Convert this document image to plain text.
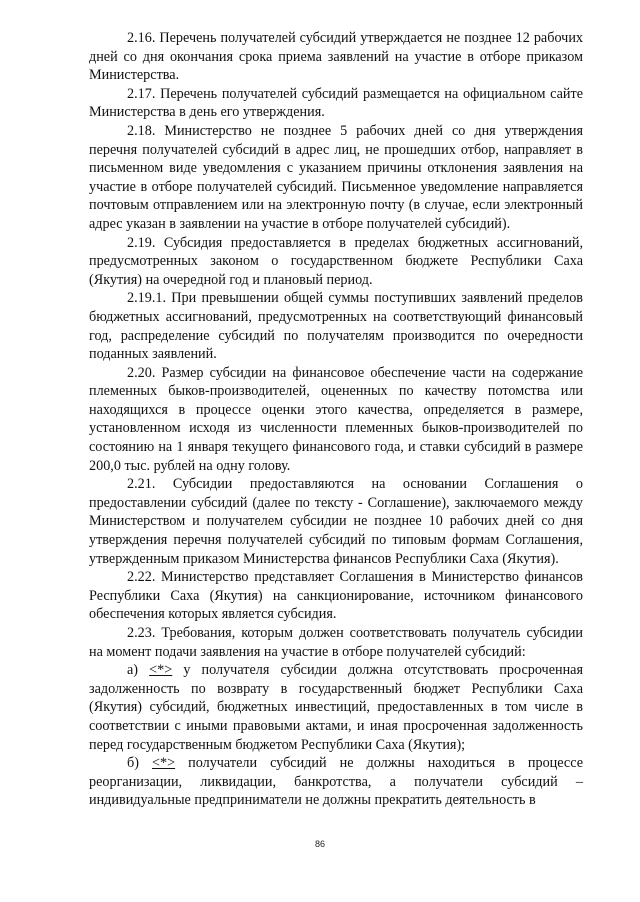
2.16. Перечень получателей субсидий утверждается не позднее 12 рабочих дней со дня окончания срока приема заявлений на участие в отборе приказом Министерства.

2.17. Перечень получателей субсидий размещается на официальном сайте Министерства в день его утверждения.

2.18. Министерство не позднее 5 рабочих дней со дня утверждения перечня получателей субсидий в адрес лиц, не прошедших отбор, направляет в письменном виде уведомления с указанием причины отклонения заявления на участие в отборе получателей субсидий. Письменное уведомление направляется почтовым отправлением или на электронную почту (в случае, если электронный адрес указан в заявлении на участие в отборе получателей субсидий).

2.19. Субсидия предоставляется в пределах бюджетных ассигнований, предусмотренных законом о государственном бюджете Республики Саха (Якутия) на очередной год и плановый период.

2.19.1. При превышении общей суммы поступивших заявлений пределов бюджетных ассигнований, предусмотренных на соответствующий финансовый год, распределение субсидий по получателям производится по очередности поданных заявлений.

2.20. Размер субсидии на финансовое обеспечение части на содержание племенных быков-производителей, оцененных по качеству потомства или находящихся в процессе оценки этого качества, определяется в размере, установленном исходя из численности племенных быков-производителей по состоянию на 1 января текущего финансового года, и ставки субсидий в размере 200,0 тыс. рублей на одну голову.

2.21. Субсидии предоставляются на основании Соглашения о предоставлении субсидий (далее по тексту - Соглашение), заключаемого между Министерством и получателем субсидии не позднее 10 рабочих дней со дня утверждения перечня получателей субсидий по типовым формам Соглашения, утвержденным приказом Министерства финансов Республики Саха (Якутия).

2.22. Министерство представляет Соглашения в Министерство финансов Республики Саха (Якутия) на санкционирование, источником финансового обеспечения которых является субсидия.

2.23. Требования, которым должен соответствовать получатель субсидии на момент подачи заявления на участие в отборе получателей субсидий:

а) <*> у получателя субсидии должна отсутствовать просроченная задолженность по возврату в государственный бюджет Республики Саха (Якутия) субсидий, бюджетных инвестиций, предоставленных в том числе в соответствии с иными правовыми актами, и иная просроченная задолженность перед государственным бюджетом Республики Саха (Якутия);

б) <*> получатели субсидий не должны находиться в процессе реорганизации, ликвидации, банкротства, а получатели субсидий – индивидуальные предприниматели не должны прекратить деятельность в

86
